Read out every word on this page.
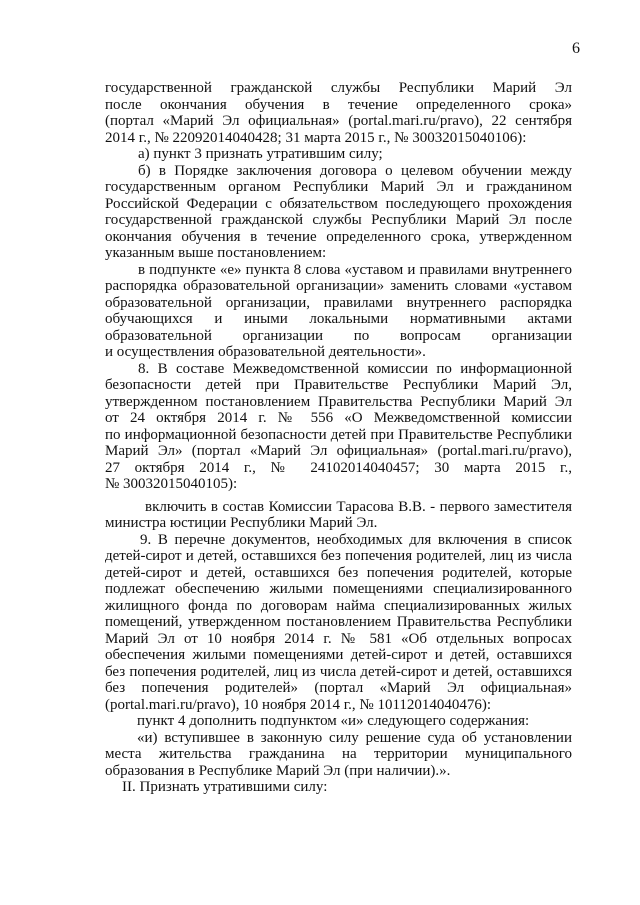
6
государственной гражданской службы Республики Марий Эл
после окончания обучения в течение определенного срока»
(портал «Марий Эл официальная» (portal.mari.ru/pravo), 22 сентября
2014 г., № 22092014040428; 31 марта 2015 г., № 30032015040106):
а) пункт 3 признать утратившим силу;
б) в Порядке заключения договора о целевом обучении между
государственным органом Республики Марий Эл и гражданином
Российской Федерации с обязательством последующего прохождения
государственной гражданской службы Республики Марий Эл после
окончания обучения в течение определенного срока, утвержденном
указанным выше постановлением:
в подпункте «е» пункта 8 слова «уставом и правилами внутреннего
распорядка образовательной организации» заменить словами «уставом
образовательной организации, правилами внутреннего распорядка
обучающихся и иными локальными нормативными актами
образовательной организации по вопросам организации
и осуществления образовательной деятельности».
8. В составе Межведомственной комиссии по информационной
безопасности детей при Правительстве Республики Марий Эл,
утвержденном постановлением Правительства Республики Марий Эл
от 24 октября 2014 г. № 556 «О Межведомственной комиссии
по информационной безопасности детей при Правительстве Республики
Марий Эл» (портал «Марий Эл официальная» (portal.mari.ru/pravo),
27 октября 2014 г., № 24102014040457; 30 марта 2015 г.,
№ 30032015040105):
включить в состав Комиссии Тарасова В.В. - первого заместителя
министра юстиции Республики Марий Эл.
9. В перечне документов, необходимых для включения в список
детей-сирот и детей, оставшихся без попечения родителей, лиц из числа
детей-сирот и детей, оставшихся без попечения родителей, которые
подлежат обеспечению жилыми помещениями специализированного
жилищного фонда по договорам найма специализированных жилых
помещений, утвержденном постановлением Правительства Республики
Марий Эл от 10 ноября 2014 г. № 581 «Об отдельных вопросах
обеспечения жилыми помещениями детей-сирот и детей, оставшихся
без попечения родителей, лиц из числа детей-сирот и детей, оставшихся
без попечения родителей» (портал «Марий Эл официальная»
(portal.mari.ru/pravo), 10 ноября 2014 г., № 10112014040476):
пункт 4 дополнить подпунктом «и» следующего содержания:
«и) вступившее в законную силу решение суда об установлении
места жительства гражданина на территории муниципального
образования в Республике Марий Эл (при наличии).».
II. Признать утратившими силу:
